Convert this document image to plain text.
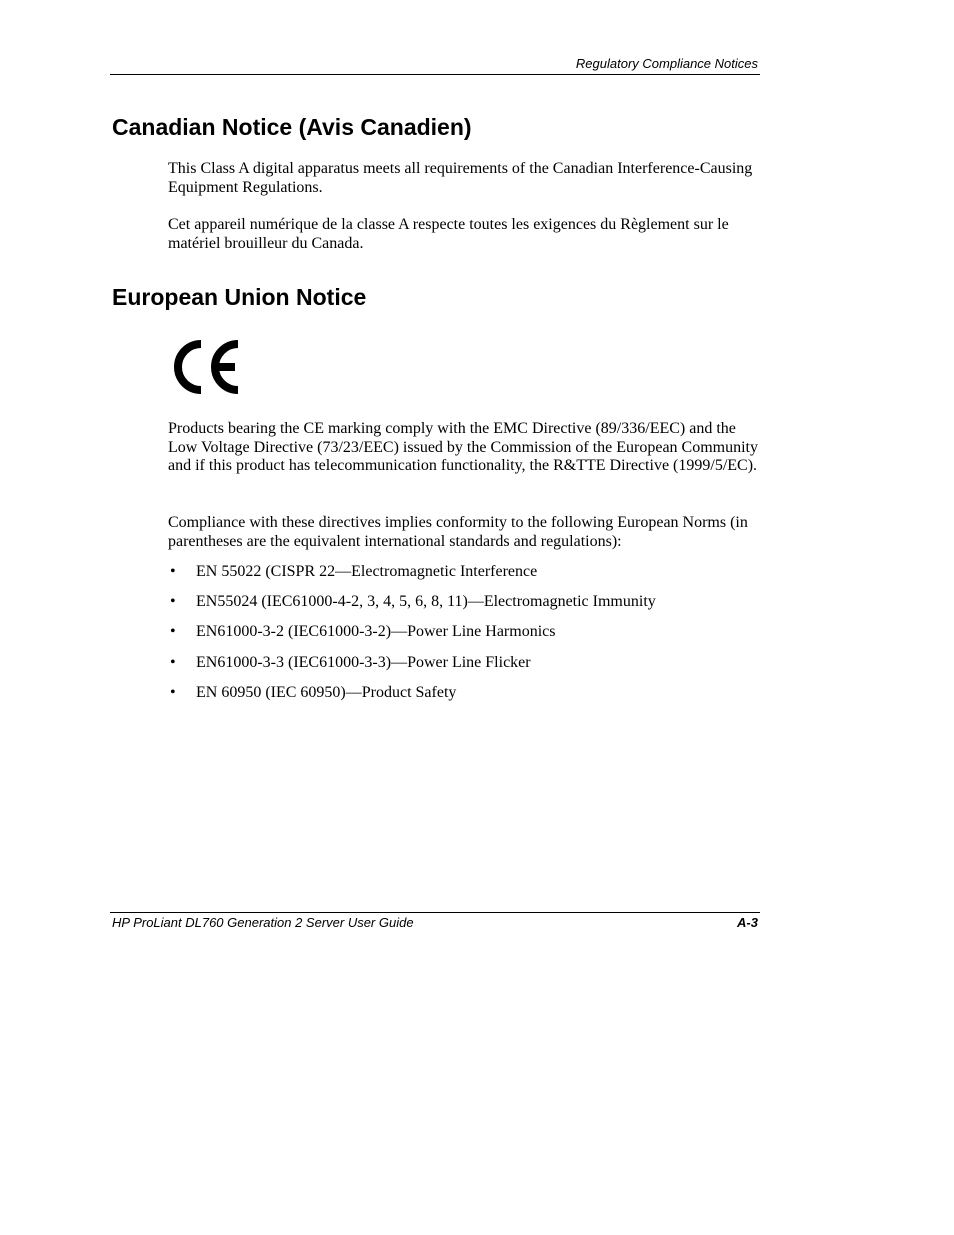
Regulatory Compliance Notices
Canadian Notice (Avis Canadien)

This Class A digital apparatus meets all requirements of the Canadian Interference-Causing Equipment Regulations.

Cet appareil numérique de la classe A respecte toutes les exigences du Règlement sur le matériel brouilleur du Canada.

European Union Notice

Products bearing the CE marking comply with the EMC Directive (89/336/EEC) and the Low Voltage Directive (73/23/EEC) issued by the Commission of the European Community and if this product has telecommunication functionality, the R&TTE Directive (1999/5/EC).

Compliance with these directives implies conformity to the following European Norms (in parentheses are the equivalent international standards and regulations):

• EN 55022 (CISPR 22—Electromagnetic Interference
• EN55024 (IEC61000-4-2, 3, 4, 5, 6, 8, 11)—Electromagnetic Immunity
• EN61000-3-2 (IEC61000-3-2)—Power Line Harmonics
• EN61000-3-3 (IEC61000-3-3)—Power Line Flicker
• EN 60950 (IEC 60950)—Product Safety
HP ProLiant DL760 Generation 2 Server User Guide	A-3
